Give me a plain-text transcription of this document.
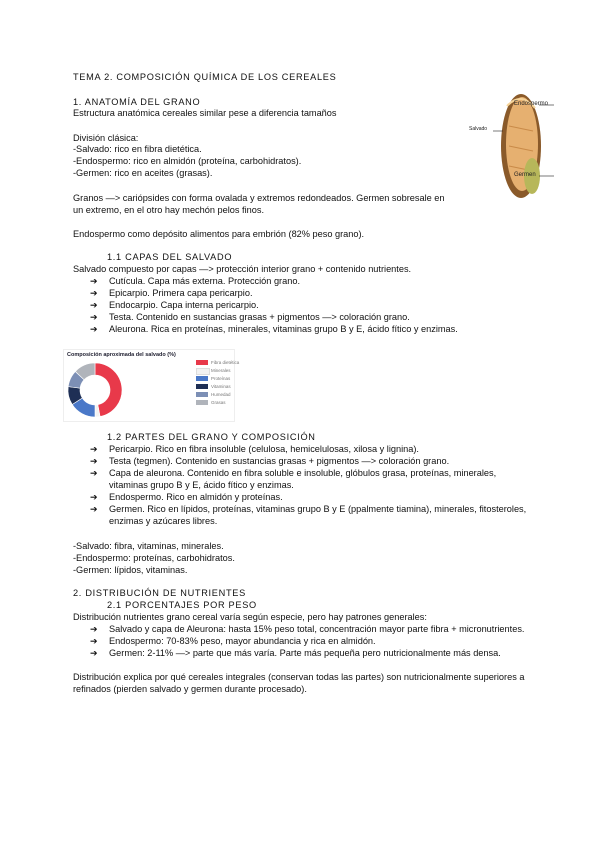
TEMA 2. COMPOSICIÓN QUÍMICA DE LOS CEREALES
1. ANATOMÍA DEL GRANO
Estructura anatómica cereales similar pese a diferencia tamaños
División clásica:
-Salvado: rico en fibra dietética.
-Endospermo: rico en almidón (proteína, carbohidratos).
-Germen: rico en aceites (grasas).
Granos —> cariópsides con forma ovalada y extremos redondeados. Germen sobresale en
un extremo, en el otro hay mechón pelos finos.
Endospermo como depósito alimentos para embrión (82% peso grano).
Endospermo
Salvado
Germen
1.1 CAPAS DEL SALVADO
Salvado compuesto por capas —> protección interior grano + contenido nutrientes.
➔	Cutícula. Capa más externa. Protección grano.
➔	Epicarpio. Primera capa pericarpio.
➔	Endocarpio. Capa interna pericarpio.
➔	Testa. Contenido en sustancias grasas + pigmentos —> coloración grano.
➔	Aleurona. Rica en proteínas, minerales, vitaminas grupo B y E, ácido fítico y enzimas.
Composición aproximada del salvado (%)
Fibra dietética
Minerales
Proteínas
Vitaminas
Humedad
Grasas
1.2 PARTES DEL GRANO Y COMPOSICIÓN
➔	Pericarpio. Rico en fibra insoluble (celulosa, hemicelulosas, xilosa y lignina).
➔	Testa (tegmen). Contenido en sustancias grasas + pigmentos —> coloración grano.
➔	Capa de aleurona. Contenido en fibra soluble e insoluble, glóbulos grasa, proteínas, minerales,
vitaminas grupo B y E, ácido fítico y enzimas.
➔	Endospermo. Rico en almidón y proteínas.
➔	Germen. Rico en lípidos, proteínas, vitaminas grupo B y E (ppalmente tiamina), minerales, fitosteroles,
enzimas y azúcares libres.
-Salvado: fibra, vitaminas, minerales.
-Endospermo: proteínas, carbohidratos.
-Germen: lípidos, vitaminas.
2. DISTRIBUCIÓN DE NUTRIENTES
2.1 PORCENTAJES POR PESO
Distribución nutrientes grano cereal varía según especie, pero hay patrones generales:
➔	Salvado y capa de Aleurona: hasta 15% peso total, concentración mayor parte fibra + micronutrientes.
➔	Endospermo: 70-83% peso, mayor abundancia y rica en almidón.
➔	Germen: 2-11% —> parte que más varía. Parte más pequeña pero nutricionalmente más densa.
Distribución explica por qué cereales integrales (conservan todas las partes) son nutricionalmente superiores a
refinados (pierden salvado y germen durante procesado).
